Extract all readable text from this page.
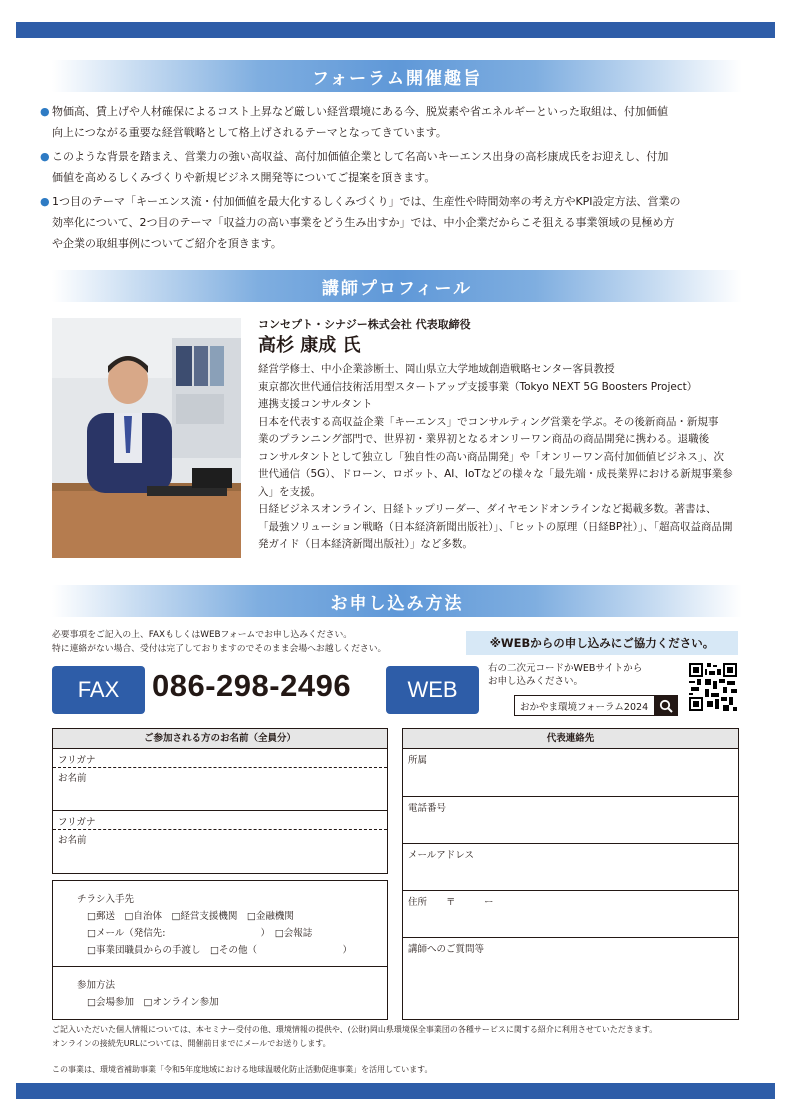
フォーラム開催趣旨
● 物価高、賃上げや人材確保によるコスト上昇など厳しい経営環境にある今、脱炭素や省エネルギーといった取組は、付加価値
向上につながる重要な経営戦略として格上げされるテーマとなってきています。
● このような背景を踏まえ、営業力の強い高収益、高付加価値企業として名高いキーエンス出身の高杉康成氏をお迎えし、付加
価値を高めるしくみづくりや新規ビジネス開発等についてご提案を頂きます。
● 1つ目のテーマ「キーエンス流・付加価値を最大化するしくみづくり」では、生産性や時間効率の考え方やKPI設定方法、営業の
効率化について、2つ目のテーマ「収益力の高い事業をどう生み出すか」では、中小企業だからこそ狙える事業領域の見極め方
や企業の取組事例についてご紹介を頂きます。
講師プロフィール
コンセプト・シナジー株式会社 代表取締役
高杉 康成 氏
経営学修士、中小企業診断士、岡山県立大学地域創造戦略センター客員教授
東京都次世代通信技術活用型スタートアップ支援事業（Tokyo NEXT 5G Boosters Project）
連携支援コンサルタント
日本を代表する高収益企業「キーエンス」でコンサルティング営業を学ぶ。その後新商品・新規事
業のプランニング部門で、世界初・業界初となるオンリーワン商品の商品開発に携わる。退職後
コンサルタントとして独立し「独自性の高い商品開発」や「オンリーワン高付加価値ビジネス」、次
世代通信（5G）、ドローン、ロボット、AI、IoTなどの様々な「最先端・成長業界における新規事業参
入」を支援。
日経ビジネスオンライン、日経トップリーダー、ダイヤモンドオンラインなど掲載多数。著書は、
「最強ソリューション戦略（日本経済新聞出版社）」、「ヒットの原理（日経BP社）」、「超高収益商品開
発ガイド（日本経済新聞出版社）」など多数。
お申し込み方法
必要事項をご記入の上、FAXもしくはWEBフォームでお申し込みください。
特に連絡がない場合、受付は完了しておりますのでそのまま会場へお越しください。	※WEBからの申し込みにご協力ください。
FAX	086-298-2496	WEB
右の二次元コードかWEBサイトから
お申し込みください。
おかやま環境フォーラム2024
ご参加される方のお名前（全員分）
フリガナ
お名前
フリガナ
お名前
チラシ入手先
□郵送　□自治体　□経営支援機関　□金融機関
□メール（発信先:　　　　　　　　　　）　□会報誌
□事業団職員からの手渡し　□その他（　　　　　　　　　）
参加方法
□会場参加　□オンライン参加
代表連絡先
所属
電話番号
メールアドレス
住所　　〒　　　ー
講師へのご質問等
ご記入いただいた個人情報については、本セミナー受付の他、環境情報の提供や、(公財)岡山県環境保全事業団の各種サービスに関する紹介に利用させていただきます。
オンラインの接続先URLについては、開催前日までにメールでお送りします。
この事業は、環境省補助事業「令和5年度地域における地球温暖化防止活動促進事業」を活用しています。
